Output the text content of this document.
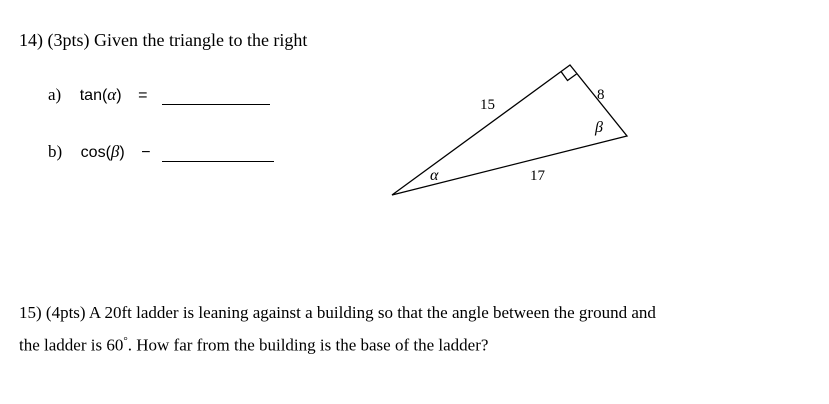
14) (3pts) Given the triangle to the right
a) tan(α) =
b) cos(β) −
15
8
17
α
β
15) (4pts) A 20ft ladder is leaning against a building so that the angle between the ground and
the ladder is 60°. How far from the building is the base of the ladder?
